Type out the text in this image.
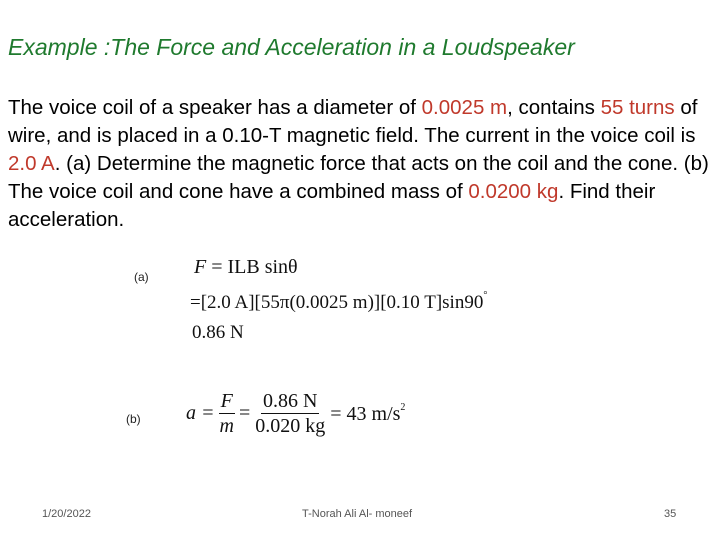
Example :The Force and Acceleration in a Loudspeaker
The voice coil of a speaker has a diameter of 0.0025 m, contains 55 turns of wire, and is placed in a 0.10-T magnetic field. The current in the voice coil is 2.0 A. (a) Determine the magnetic force that acts on the coil and the cone. (b) The voice coil and cone have a combined mass of 0.0200 kg. Find their acceleration.
(a) F = ILB sinθ
=[2.0 A][55π(0.0025 m)][0.10 T]sin90°
0.86 N
(b) $a = \frac{F}{m} = \frac{0.86 N}{0.020 kg} = 43$ $m/s^2$
1/20/2022	T-Norah Ali Al- moneef	35
